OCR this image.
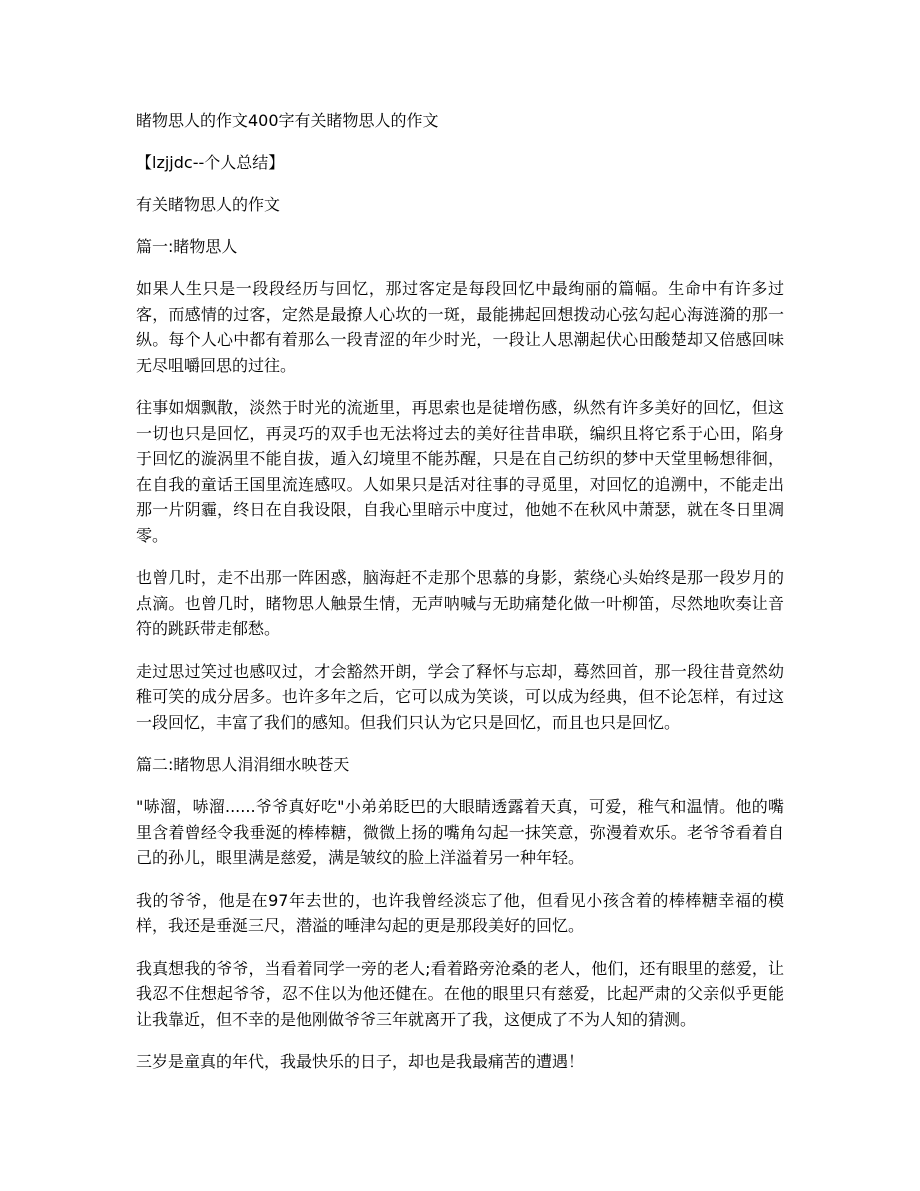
睹物思人的作文400字有关睹物思人的作文
【lzjjdc--个人总结】
有关睹物思人的作文
篇一:睹物思人
如果人生只是一段段经历与回忆，那过客定是每段回忆中最绚丽的篇幅。生命中有许多过客，而感情的过客，定然是最撩人心坎的一斑，最能拂起回想拨动心弦勾起心海涟漪的那一纵。每个人心中都有着那么一段青涩的年少时光，一段让人思潮起伏心田酸楚却又倍感回味无尽咀嚼回思的过往。
往事如烟飘散，淡然于时光的流逝里，再思索也是徒增伤感，纵然有许多美好的回忆，但这一切也只是回忆，再灵巧的双手也无法将过去的美好往昔串联，编织且将它系于心田，陷身于回忆的漩涡里不能自拔，遁入幻境里不能苏醒，只是在自己纺织的梦中天堂里畅想徘徊，在自我的童话王国里流连感叹。人如果只是活对往事的寻觅里，对回忆的追溯中，不能走出那一片阴霾，终日在自我设限，自我心里暗示中度过，他她不在秋风中萧瑟，就在冬日里凋零。
也曾几时，走不出那一阵困惑，脑海赶不走那个思慕的身影，萦绕心头始终是那一段岁月的点滴。也曾几时，睹物思人触景生情，无声呐喊与无助痛楚化做一叶柳笛，尽然地吹奏让音符的跳跃带走郁愁。
走过思过笑过也感叹过，才会豁然开朗，学会了释怀与忘却，蓦然回首，那一段往昔竟然幼稚可笑的成分居多。也许多年之后，它可以成为笑谈，可以成为经典，但不论怎样，有过这一段回忆，丰富了我们的感知。但我们只认为它只是回忆，而且也只是回忆。
篇二:睹物思人涓涓细水映苍天
"哧溜，哧溜......爷爷真好吃"小弟弟眨巴的大眼睛透露着天真，可爱，稚气和温情。他的嘴里含着曾经令我垂涎的棒棒糖，微微上扬的嘴角勾起一抹笑意，弥漫着欢乐。老爷爷看着自己的孙儿，眼里满是慈爱，满是皱纹的脸上洋溢着另一种年轻。
我的爷爷，他是在97年去世的，也许我曾经淡忘了他，但看见小孩含着的棒棒糖幸福的模样，我还是垂涎三尺，潜溢的唾津勾起的更是那段美好的回忆。
我真想我的爷爷，当看着同学一旁的老人;看着路旁沧桑的老人，他们，还有眼里的慈爱，让我忍不住想起爷爷，忍不住以为他还健在。在他的眼里只有慈爱，比起严肃的父亲似乎更能让我靠近，但不幸的是他刚做爷爷三年就离开了我，这便成了不为人知的猜测。
三岁是童真的年代，我最快乐的日子，却也是我最痛苦的遭遇！
